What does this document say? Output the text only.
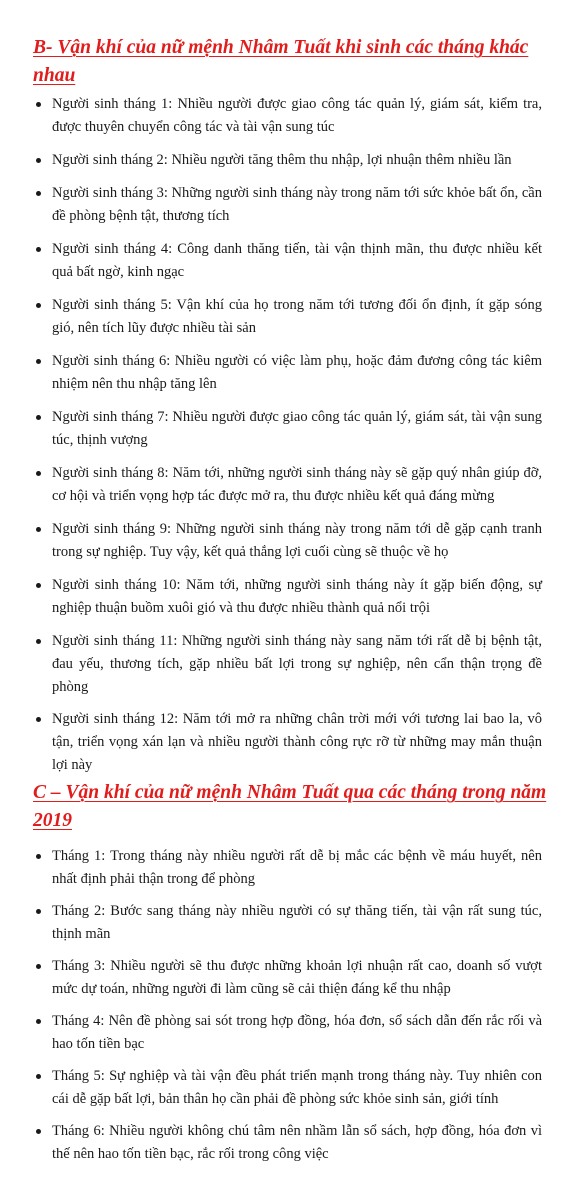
B- Vận khí của nữ mệnh Nhâm Tuất khi sinh các tháng khác nhau
Người sinh tháng 1: Nhiều người được giao công tác quản lý, giám sát, kiểm tra, được thuyên chuyển công tác và tài vận sung túc
Người sinh tháng 2: Nhiều người tăng thêm thu nhập, lợi nhuận thêm nhiều lần
Người sinh tháng 3: Những người sinh tháng này trong năm tới sức khỏe bất ổn, cần đề phòng bệnh tật, thương tích
Người sinh tháng 4: Công danh thăng tiến, tài vận thịnh mãn, thu được nhiều kết quả bất ngờ, kinh ngạc
Người sinh tháng 5: Vận khí của họ trong năm tới tương đối ổn định, ít gặp sóng gió, nên tích lũy được nhiều tài sản
Người sinh tháng 6: Nhiều người có việc làm phụ, hoặc đảm đương công tác kiêm nhiệm nên thu nhập tăng lên
Người sinh tháng 7: Nhiều người được giao công tác quản lý, giám sát, tài vận sung túc, thịnh vượng
Người sinh tháng 8: Năm tới, những người sinh tháng này sẽ gặp quý nhân giúp đỡ, cơ hội và triển vọng hợp tác được mở ra, thu được nhiều kết quả đáng mừng
Người sinh tháng 9: Những người sinh tháng này trong năm tới dễ gặp cạnh tranh trong sự nghiệp. Tuy vậy, kết quả thắng lợi cuối cùng sẽ thuộc về họ
Người sinh tháng 10: Năm tới, những người sinh tháng này ít gặp biến động, sự nghiệp thuận buồm xuôi gió và thu được nhiều thành quả nổi trội
Người sinh tháng 11: Những người sinh tháng này sang năm tới rất dễ bị bệnh tật, đau yếu, thương tích, gặp nhiều bất lợi trong sự nghiệp, nên cẩn thận trọng đề phòng
Người sinh tháng 12: Năm tới mở ra những chân trời mới với tương lai bao la, vô tận, triển vọng xán lạn và nhiều người thành công rực rỡ từ những may mắn thuận lợi này
C – Vận khí của nữ mệnh Nhâm Tuất qua các tháng trong năm 2019
Tháng 1: Trong tháng này nhiều người rất dễ bị mắc các bệnh về máu huyết, nên nhất định phải thận trong để phòng
Tháng 2: Bước sang tháng này nhiều người có sự thăng tiến, tài vận rất sung túc, thịnh mãn
Tháng 3: Nhiều người sẽ thu được những khoản lợi nhuận rất cao, doanh số vượt mức dự toán, những người đi làm cũng sẽ cải thiện đáng kể thu nhập
Tháng 4: Nên đề phòng sai sót trong hợp đồng, hóa đơn, sổ sách dẫn đến rắc rối và hao tốn tiền bạc
Tháng 5: Sự nghiệp và tài vận đều phát triển mạnh trong tháng này. Tuy nhiên con cái dễ gặp bất lợi, bản thân họ cần phải đề phòng sức khỏe sinh sản, giới tính
Tháng 6: Nhiều người không chú tâm nên nhầm lẫn sổ sách, hợp đồng, hóa đơn vì thế nên hao tốn tiền bạc, rắc rối trong công việc
